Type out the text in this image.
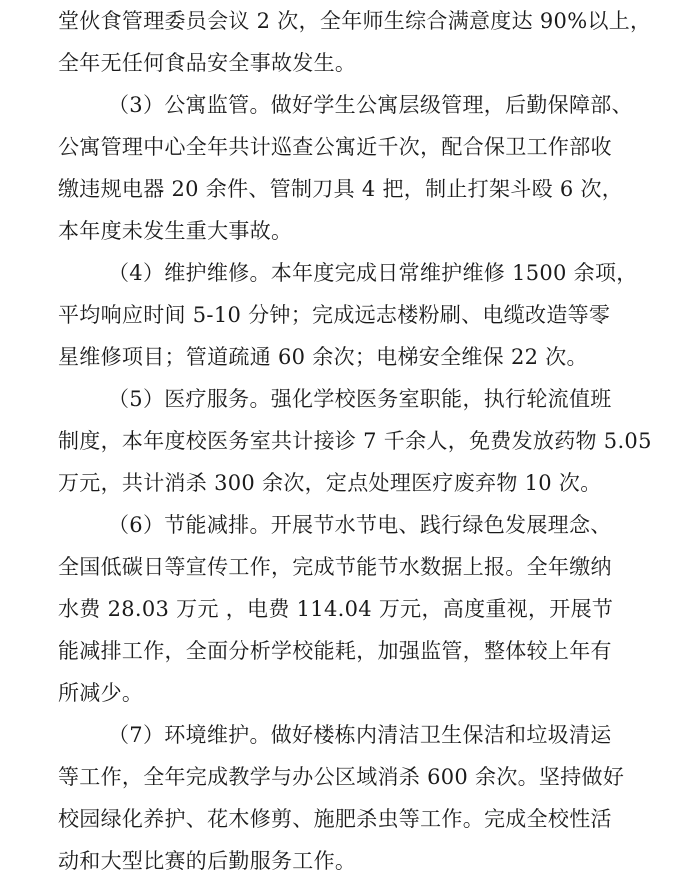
堂伙食管理委员会议 2 次，全年师生综合满意度达 90%以上，
全年无任何食品安全事故发生。
（3）公寓监管。做好学生公寓层级管理，后勤保障部、
公寓管理中心全年共计巡查公寓近千次，配合保卫工作部收
缴违规电器 20 余件、管制刀具 4 把，制止打架斗殴 6 次，
本年度未发生重大事故。
（4）维护维修。本年度完成日常维护维修 1500 余项，
平均响应时间 5-10 分钟；完成远志楼粉刷、电缆改造等零
星维修项目；管道疏通 60 余次；电梯安全维保 22 次。
（5）医疗服务。强化学校医务室职能，执行轮流值班
制度，本年度校医务室共计接诊 7 千余人，免费发放药物 5.05
万元，共计消杀 300 余次，定点处理医疗废弃物 10 次。
（6）节能减排。开展节水节电、践行绿色发展理念、
全国低碳日等宣传工作，完成节能节水数据上报。全年缴纳
水费 28.03 万元 ，电费 114.04 万元，高度重视，开展节
能减排工作，全面分析学校能耗，加强监管，整体较上年有
所减少。
（7）环境维护。做好楼栋内清洁卫生保洁和垃圾清运
等工作，全年完成教学与办公区域消杀 600 余次。坚持做好
校园绿化养护、花木修剪、施肥杀虫等工作。完成全校性活
动和大型比赛的后勤服务工作。
